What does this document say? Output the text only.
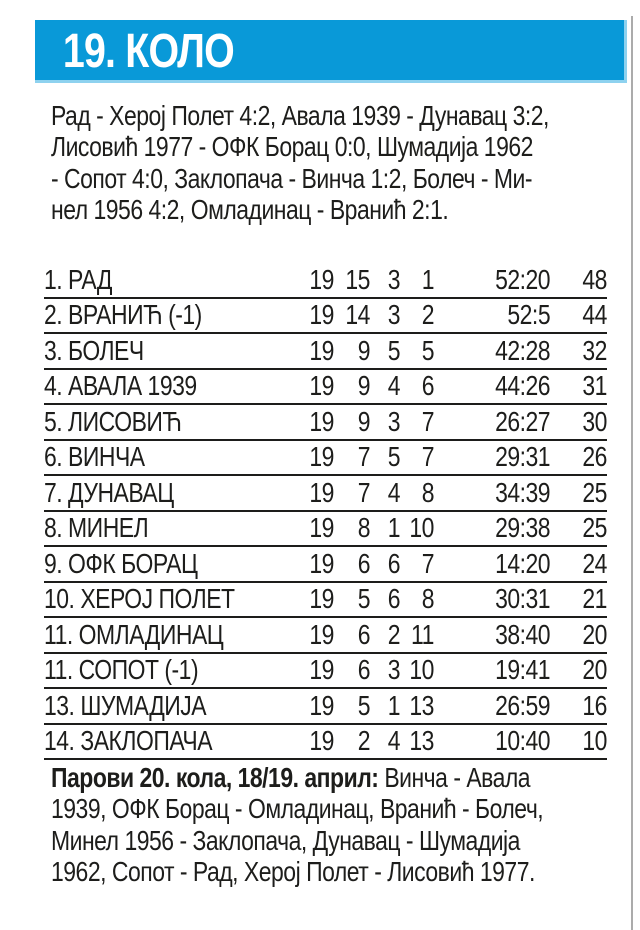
19. КОЛО
Рад - Херој Полет 4:2, Авала 1939 - Дунавац 3:2,
Лисовић 1977 - ОФК Борац 0:0, Шумадија 1962
- Сопот 4:0, Заклопача - Винча 1:2, Болеч - Ми-
нел 1956 4:2, Омладинац - Вранић 2:1.
1. РАД	19	15	3	1	52:20	48
2. ВРАНИЋ (-1)	19	14	3	2	52:5	44
3. БОЛЕЧ	19	9	5	5	42:28	32
4. АВАЛА 1939	19	9	4	6	44:26	31
5. ЛИСОВИЋ	19	9	3	7	26:27	30
6. ВИНЧА	19	7	5	7	29:31	26
7. ДУНАВАЦ	19	7	4	8	34:39	25
8. МИНЕЛ	19	8	1	10	29:38	25
9. ОФК БОРАЦ	19	6	6	7	14:20	24
10. ХЕРОЈ ПОЛЕТ	19	5	6	8	30:31	21
11. ОМЛАДИНАЦ	19	6	2	11	38:40	20
11. СОПОТ (-1)	19	6	3	10	19:41	20
13. ШУМАДИЈА	19	5	1	13	26:59	16
14. ЗАКЛОПАЧА	19	2	4	13	10:40	10
Парови 20. кола, 18/19. април: Винча - Авала
1939, ОФК Борац - Омладинац, Вранић - Болеч,
Минел 1956 - Заклопача, Дунавац - Шумадија
1962, Сопот - Рад, Херој Полет - Лисовић 1977.
